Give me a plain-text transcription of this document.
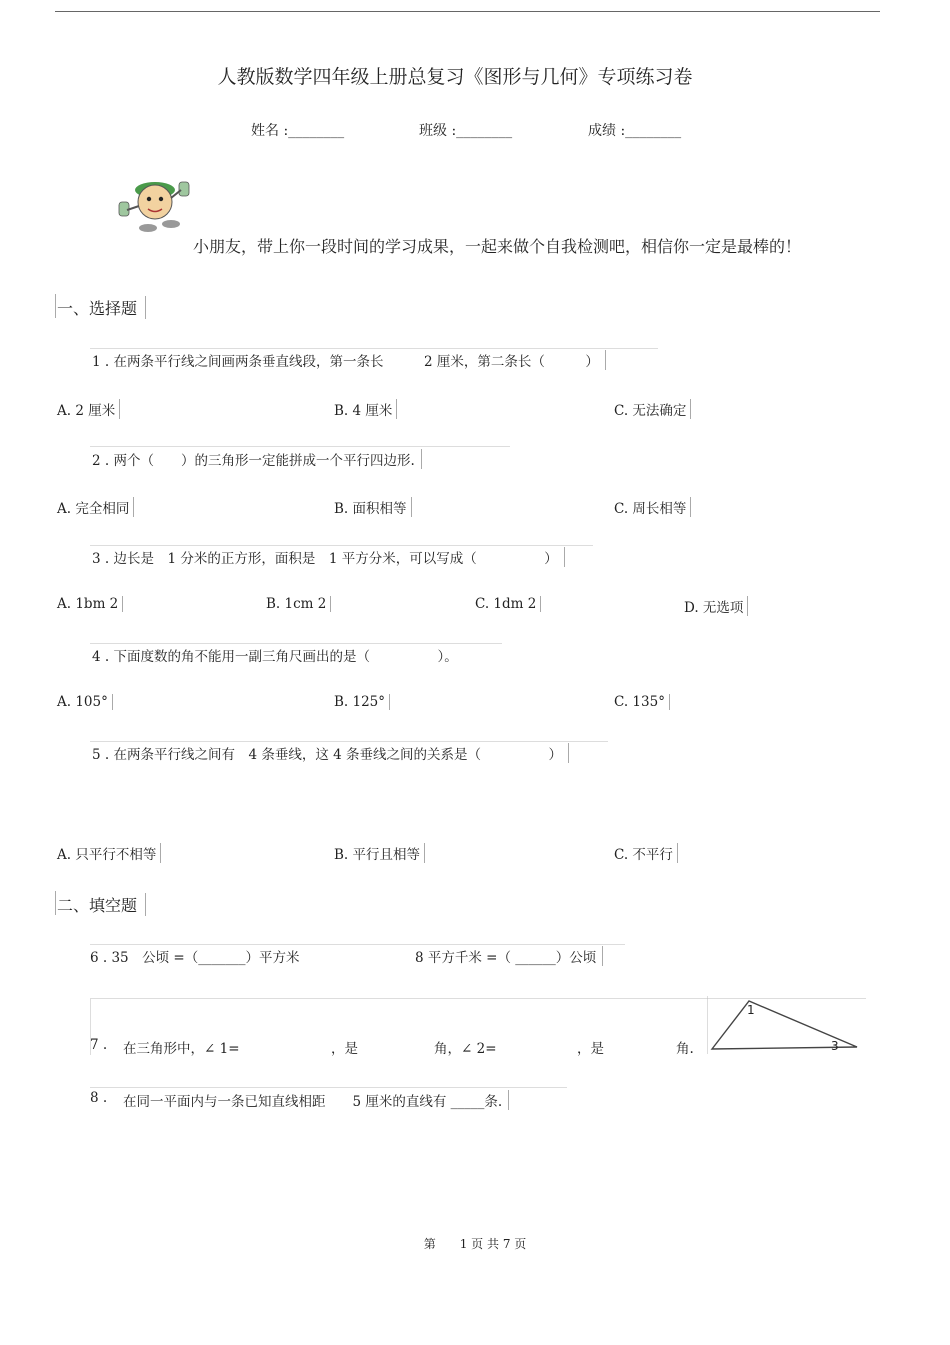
人教版数学四年级上册总复习《图形与几何》专项练习卷
姓名 :________	班级 :________	成绩 :________
小朋友，带上你一段时间的学习成果，一起来做个自我检测吧，相信你一定是最棒的！
一、选择题
1 . 在两条平行线之间画两条垂直线段，第一条长　　　2 厘米，第二条长（　　　）
A. 2 厘米	B. 4 厘米	C. 无法确定
2 . 两个（　　）的三角形一定能拼成一个平行四边形.
A. 完全相同	B. 面积相等	C. 周长相等
3 . 边长是　1 分米的正方形，面积是　1 平方分米，可以写成（　　　　　）
A. 1bm 2	B. 1cm 2	C. 1dm 2	D. 无选项
4 . 下面度数的角不能用一副三角尺画出的是（　　　　　）。
A. 105°	B. 125°	C. 135°
5 . 在两条平行线之间有　4 条垂线，这 4 条垂线之间的关系是（　　　　　）
A. 只平行不相等	B. 平行且相等	C. 不平行
二、填空题
6 . 35　公顷 =（_______）平方米	8 平方千米 =（ ______）公顷
7 .	在三角形中，∠ 1=	，是	角，∠ 2=	，是	角.
1
3
8 .	在同一平面内与一条已知直线相距　　5 厘米的直线有 _____条.
第　　1 页 共 7 页
